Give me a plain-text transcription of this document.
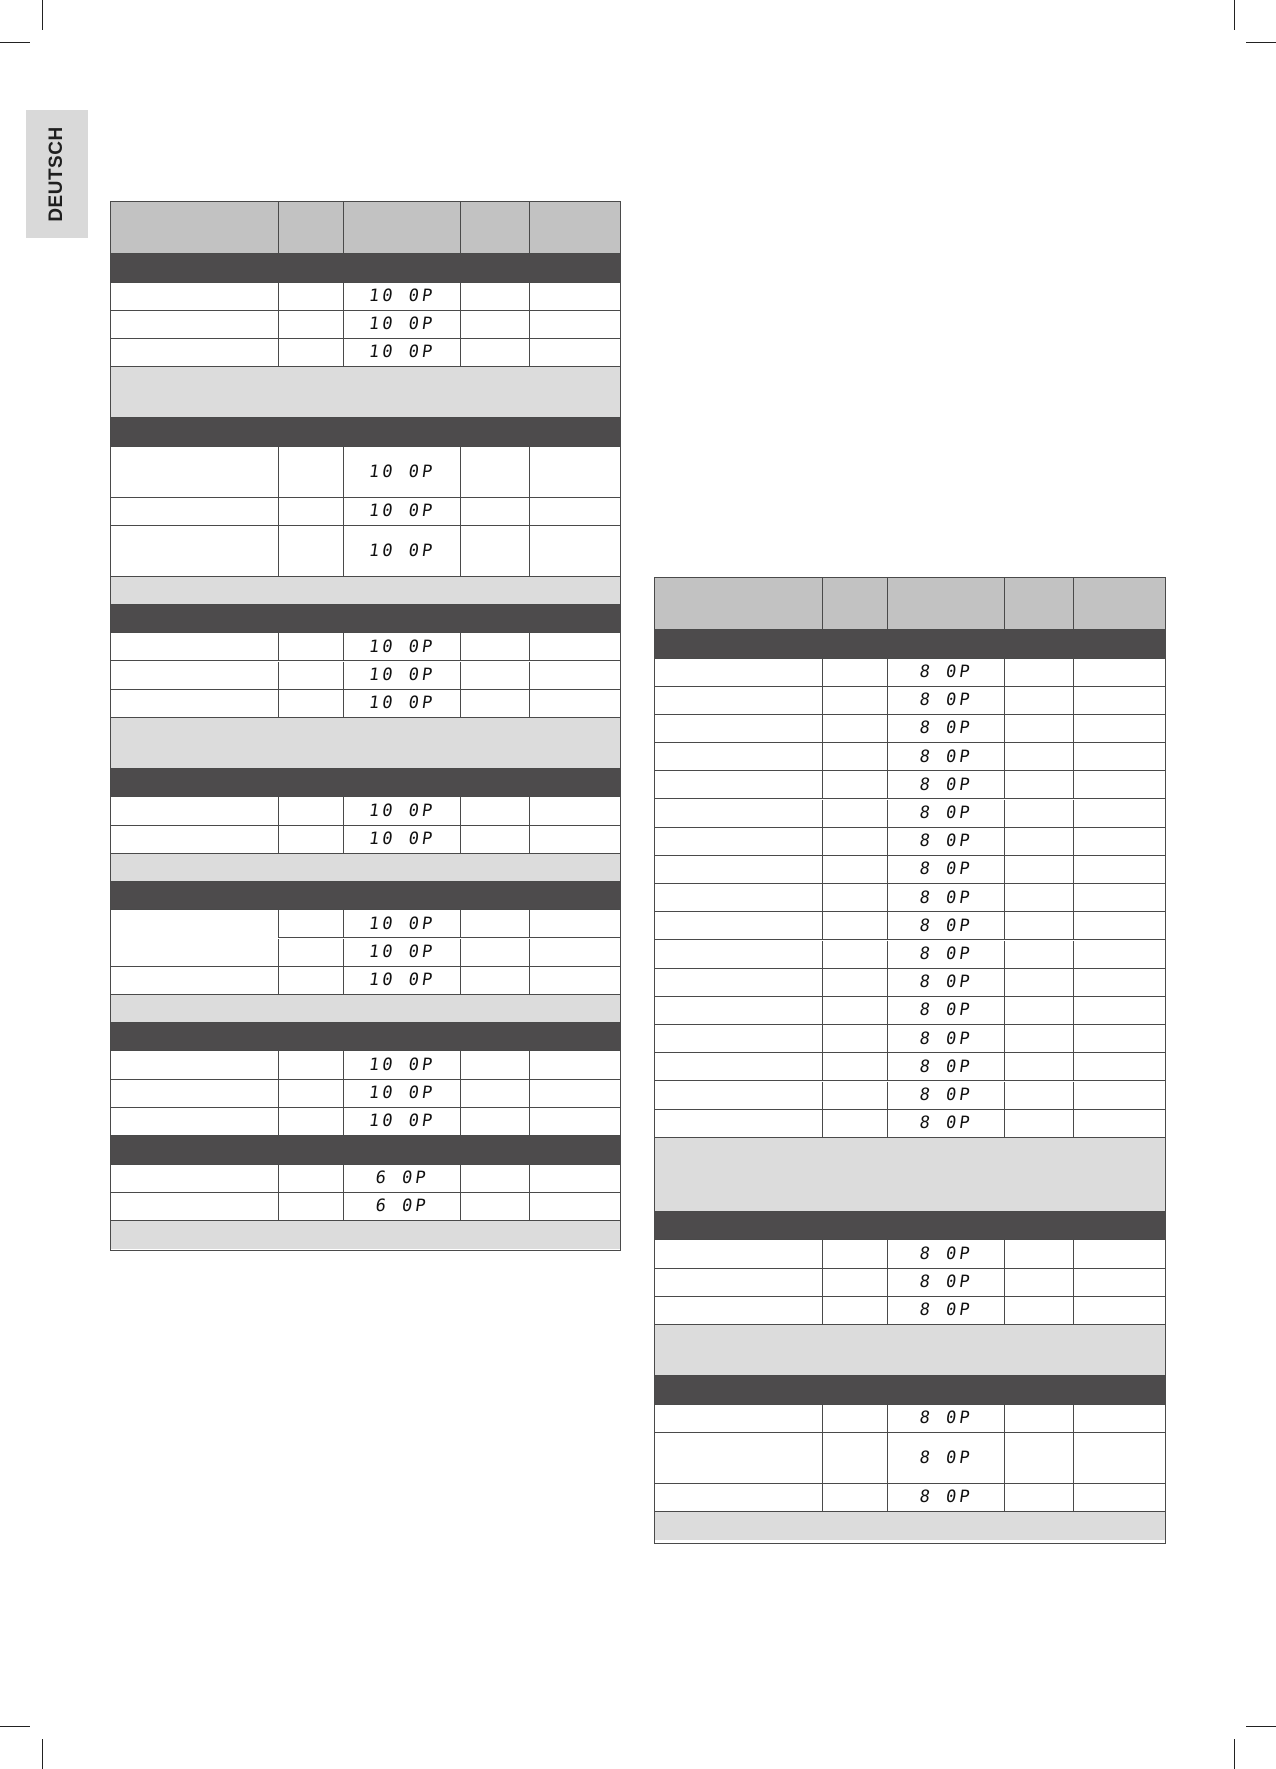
DEUTSCH
10 0P
10 0P
10 0P
10 0P
10 0P
10 0P
10 0P
10 0P
10 0P
10 0P
10 0P
10 0P
10 0P
10 0P
10 0P
10 0P
10 0P
6 0P
6 0P
8 0P
8 0P
8 0P
8 0P
8 0P
8 0P
8 0P
8 0P
8 0P
8 0P
8 0P
8 0P
8 0P
8 0P
8 0P
8 0P
8 0P
8 0P
8 0P
8 0P
8 0P
8 0P
8 0P
